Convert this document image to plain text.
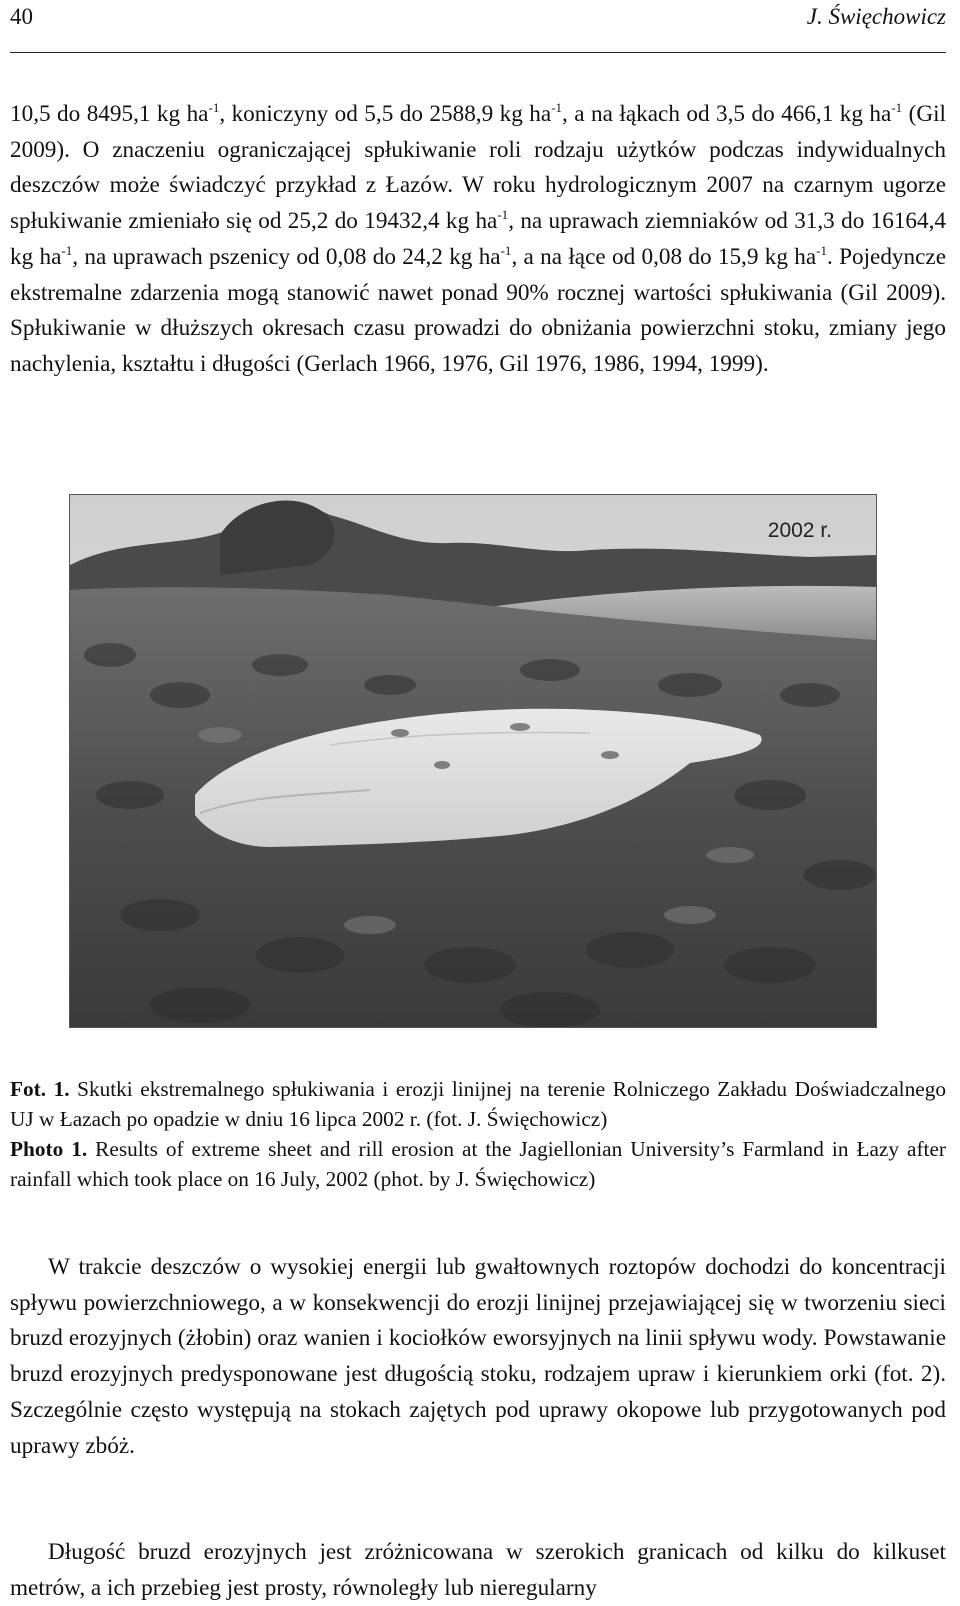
40	J. Święchowicz

10,5 do 8495,1 kg $ha^{-1}$, koniczyny od 5,5 do 2588,9 kg $ha^{-1}$, a na łąkach od 3,5 do 466,1 kg $ha^{-1}$ (Gil 2009). O znaczeniu ograniczającej spłukiwanie roli rodzaju użytków podczas indywidualnych deszczów może świadczyć przykład z Łazów. W roku hydrologicznym 2007 na czarnym ugorze spłukiwanie zmieniało się od 25,2 do 19432,4 kg $ha^{-1}$, na uprawach ziemniaków od 31,3 do 16164,4 kg $ha^{-1}$, na uprawach pszenicy od 0,08 do 24,2 kg $ha^{-1}$, a na łące od 0,08 do 15,9 kg $ha^{-1}$. Pojedyncze ekstremalne zdarzenia mogą stanowić nawet ponad 90% rocznej wartości spłukiwania (Gil 2009). Spłukiwanie w dłuższych okresach czasu prowadzi do obniżania powierzchni stoku, zmiany jego nachylenia, kształtu i długości (Gerlach 1966, 1976, Gil 1976, 1986, 1994, 1999).

2002 r.

Fot. 1. Skutki ekstremalnego spłukiwania i erozji linijnej na terenie Rolniczego Zakładu Doświadczalnego UJ w Łazach po opadzie w dniu 16 lipca 2002 r. (fot. J. Święchowicz)

Photo 1. Results of extreme sheet and rill erosion at the Jagiellonian University’s Farmland in Łazy after rainfall which took place on 16 July, 2002 (phot. by J. Święchowicz)

W trakcie deszczów o wysokiej energii lub gwałtownych roztopów dochodzi do koncentracji spływu powierzchniowego, a w konsekwencji do erozji linijnej przejawiającej się w tworzeniu sieci bruzd erozyjnych (żłobin) oraz wanien i kociołków eworsyjnych na linii spływu wody. Powstawanie bruzd erozyjnych predysponowane jest długością stoku, rodzajem upraw i kierunkiem orki (fot. 2). Szczególnie często występują na stokach zajętych pod uprawy okopowe lub przygotowanych pod uprawy zbóż.

Długość bruzd erozyjnych jest zróżnicowana w szerokich granicach od kilku do kilkuset metrów, a ich przebieg jest prosty, równoległy lub nieregularny
